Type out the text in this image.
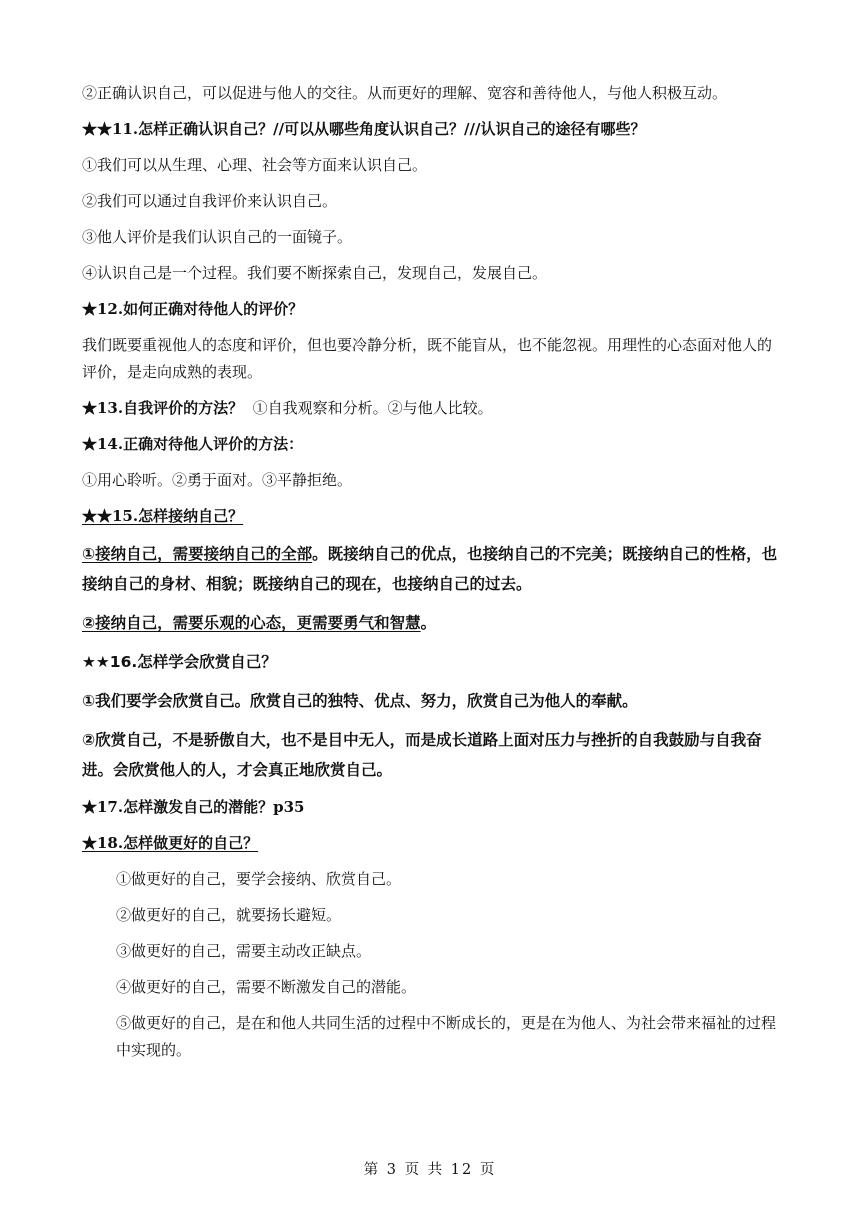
②正确认识自己，可以促进与他人的交往。从而更好的理解、宽容和善待他人，与他人积极互动。

★★11.怎样正确认识自己？//可以从哪些角度认识自己？///认识自己的途径有哪些？

①我们可以从生理、心理、社会等方面来认识自己。

②我们可以通过自我评价来认识自己。

③他人评价是我们认识自己的一面镜子。

④认识自己是一个过程。我们要不断探索自己，发现自己，发展自己。

★12.如何正确对待他人的评价？

我们既要重视他人的态度和评价，但也要冷静分析，既不能盲从，也不能忽视。用理性的心态面对他人的评价，是走向成熟的表现。

★13.自我评价的方法？ ①自我观察和分析。②与他人比较。

★14.正确对待他人评价的方法：

①用心聆听。②勇于面对。③平静拒绝。

★★15.怎样接纳自己？

①接纳自己，需要接纳自己的全部。既接纳自己的优点，也接纳自己的不完美；既接纳自己的性格，也接纳自己的身材、相貌；既接纳自己的现在，也接纳自己的过去。

②接纳自己，需要乐观的心态，更需要勇气和智慧。

★★16.怎样学会欣赏自己？

①我们要学会欣赏自己。欣赏自己的独特、优点、努力，欣赏自己为他人的奉献。

②欣赏自己，不是骄傲自大，也不是目中无人，而是成长道路上面对压力与挫折的自我鼓励与自我奋进。会欣赏他人的人，才会真正地欣赏自己。

★17.怎样激发自己的潜能？p35

★18.怎样做更好的自己？

①做更好的自己，要学会接纳、欣赏自己。

②做更好的自己，就要扬长避短。

③做更好的自己，需要主动改正缺点。

④做更好的自己，需要不断激发自己的潜能。

⑤做更好的自己，是在和他人共同生活的过程中不断成长的，更是在为他人、为社会带来福祉的过程中实现的。

第 3 页 共 12 页
